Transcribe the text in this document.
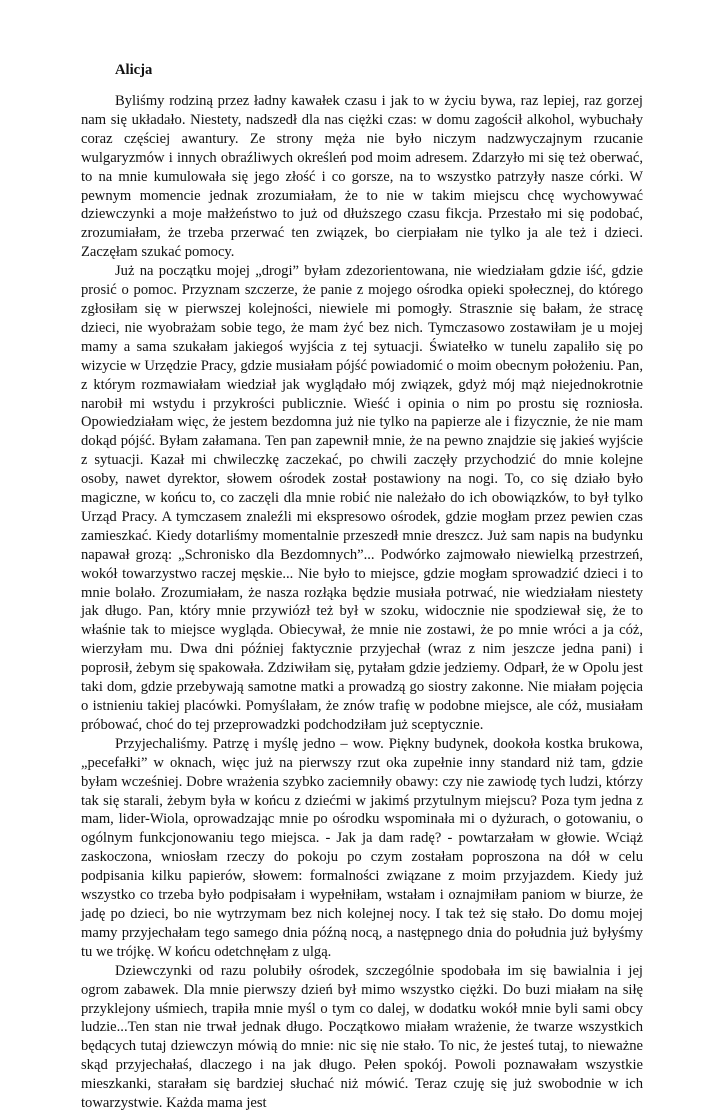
Alicja

Byliśmy rodziną przez ładny kawałek czasu i jak to w życiu bywa, raz lepiej, raz gorzej nam się układało. Niestety, nadszedł dla nas ciężki czas: w domu zagościł alkohol, wybuchały coraz częściej awantury. Ze strony męża nie było niczym nadzwyczajnym rzucanie wulgaryzmów i innych obraźliwych określeń pod moim adresem. Zdarzyło mi się też oberwać, to na mnie kumulowała się jego złość i co gorsze, na to wszystko patrzyły nasze córki. W pewnym momencie jednak zrozumiałam, że to nie w takim miejscu chcę wychowywać dziewczynki a moje małżeństwo to już od dłuższego czasu fikcja. Przestało mi się podobać, zrozumiałam, że trzeba przerwać ten związek, bo cierpiałam nie tylko ja ale też i dzieci. Zaczęłam szukać pomocy.

Już na początku mojej „drogi” byłam zdezorientowana, nie wiedziałam gdzie iść, gdzie prosić o pomoc. Przyznam szczerze, że panie z mojego ośrodka opieki społecznej, do którego zgłosiłam się w pierwszej kolejności, niewiele mi pomogły. Strasznie się bałam, że stracę dzieci, nie wyobrażam sobie tego, że mam żyć bez nich. Tymczasowo zostawiłam je u mojej mamy a sama szukałam jakiegoś wyjścia z tej sytuacji. Światełko w tunelu zapaliło się po wizycie w Urzędzie Pracy, gdzie musiałam pójść powiadomić o moim obecnym położeniu. Pan, z którym rozmawiałam wiedział jak wyglądało mój związek, gdyż mój mąż niejednokrotnie narobił mi wstydu i przykrości publicznie. Wieść i opinia o nim po prostu się rozniosła. Opowiedziałam więc, że jestem bezdomna już nie tylko na papierze ale i fizycznie, że nie mam dokąd pójść. Byłam załamana. Ten pan zapewnił mnie, że na pewno znajdzie się jakieś wyjście z sytuacji. Kazał mi chwileczkę zaczekać, po chwili zaczęły przychodzić do mnie kolejne osoby, nawet dyrektor, słowem ośrodek został postawiony na nogi. To, co się działo było magiczne, w końcu to, co zaczęli dla mnie robić nie należało do ich obowiązków, to był tylko Urząd Pracy. A tymczasem znaleźli mi ekspresowo ośrodek, gdzie mogłam przez pewien czas zamieszkać. Kiedy dotarliśmy momentalnie przeszedł mnie dreszcz. Już sam napis na budynku napawał grozą: „Schronisko dla Bezdomnych”... Podwórko zajmowało niewielką przestrzeń, wokół towarzystwo raczej męskie... Nie było to miejsce, gdzie mogłam sprowadzić dzieci i to mnie bolało. Zrozumiałam, że nasza rozłąka będzie musiała potrwać, nie wiedziałam niestety jak długo. Pan, który mnie przywiózł też był w szoku, widocznie nie spodziewał się, że to właśnie tak to miejsce wygląda. Obiecywał, że mnie nie zostawi, że po mnie wróci a ja cóż, wierzyłam mu. Dwa dni później faktycznie przyjechał (wraz z nim jeszcze jedna pani) i poprosił, żebym się spakowała. Zdziwiłam się, pytałam gdzie jedziemy. Odparł, że w Opolu jest taki dom, gdzie przebywają samotne matki a prowadzą go siostry zakonne. Nie miałam pojęcia o istnieniu takiej placówki. Pomyślałam, że znów trafię w podobne miejsce, ale cóż, musiałam próbować, choć do tej przeprowadzki podchodziłam już sceptycznie.

Przyjechaliśmy. Patrzę i myślę jedno – wow. Piękny budynek, dookoła kostka brukowa, „pecefałki” w oknach, więc już na pierwszy rzut oka zupełnie inny standard niż tam, gdzie byłam wcześniej. Dobre wrażenia szybko zaciemniły obawy: czy nie zawiodę tych ludzi, którzy tak się starali, żebym była w końcu z dziećmi w jakimś przytulnym miejscu? Poza tym jedna z mam, lider-Wiola, oprowadzając mnie po ośrodku wspominała mi o dyżurach, o gotowaniu, o ogólnym funkcjonowaniu tego miejsca. - Jak ja dam radę? - powtarzałam w głowie. Wciąż zaskoczona, wniosłam rzeczy do pokoju po czym zostałam poproszona na dół w celu podpisania kilku papierów, słowem: formalności związane z moim przyjazdem. Kiedy już wszystko co trzeba było podpisałam i wypełniłam, wstałam i oznajmiłam paniom w biurze, że jadę po dzieci, bo nie wytrzymam bez nich kolejnej nocy. I tak też się stało. Do domu mojej mamy przyjechałam tego samego dnia późną nocą, a następnego dnia do południa już byłyśmy tu we trójkę. W końcu odetchnęłam z ulgą.

Dziewczynki od razu polubiły ośrodek, szczególnie spodobała im się bawialnia i jej ogrom zabawek. Dla mnie pierwszy dzień był mimo wszystko ciężki. Do buzi miałam na siłę przyklejony uśmiech, trapiła mnie myśl o tym co dalej, w dodatku wokół mnie byli sami obcy ludzie...Ten stan nie trwał jednak długo. Początkowo miałam wrażenie, że twarze wszystkich będących tutaj dziewczyn mówią do mnie: nic się nie stało. To nic, że jesteś tutaj, to nieważne skąd przyjechałaś, dlaczego i na jak długo. Pełen spokój. Powoli poznawałam wszystkie mieszkanki, starałam się bardziej słuchać niż mówić. Teraz czuję się już swobodnie w ich towarzystwie. Każda mama jest
